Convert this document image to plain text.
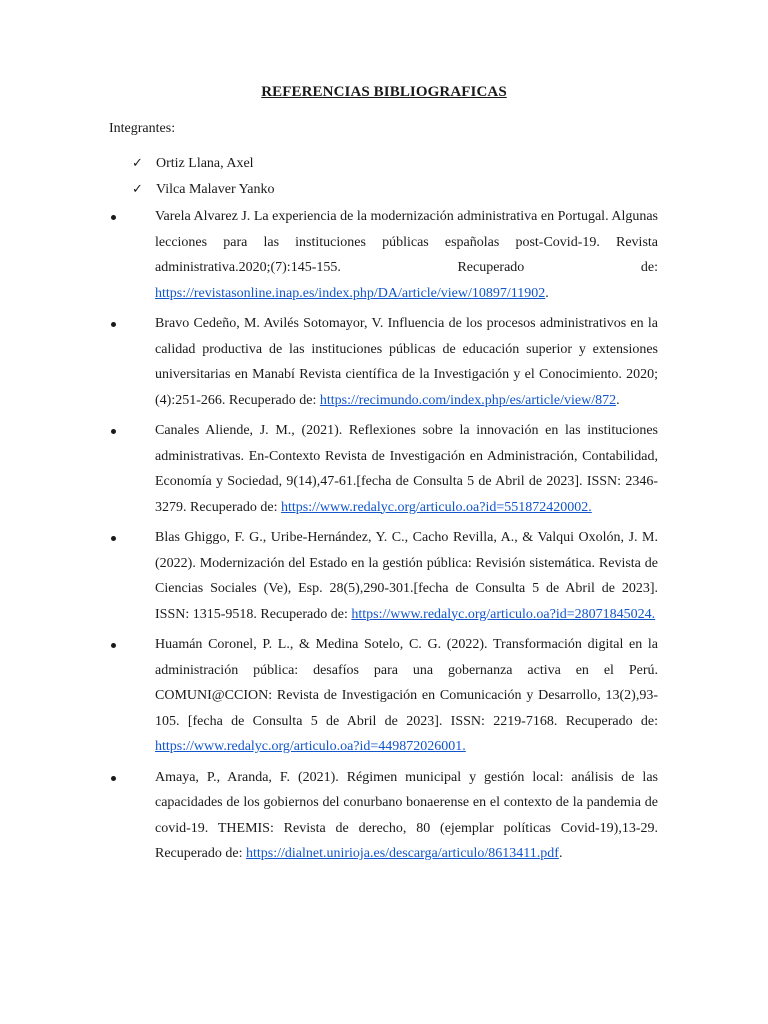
REFERENCIAS BIBLIOGRAFICAS
Integrantes:
✓ Ortiz Llana, Axel
✓ Vilca Malaver Yanko
Varela Alvarez J. La experiencia de la modernización administrativa en Portugal. Algunas lecciones para las instituciones públicas españolas post-Covid-19. Revista administrativa.2020;(7):145-155. Recuperado de: https://revistasonline.inap.es/index.php/DA/article/view/10897/11902.
Bravo Cedeño, M. Avilés Sotomayor, V. Influencia de los procesos administrativos en la calidad productiva de las instituciones públicas de educación superior y extensiones universitarias en Manabí Revista científica de la Investigación y el Conocimiento. 2020;(4):251-266. Recuperado de: https://recimundo.com/index.php/es/article/view/872.
Canales Aliende, J. M., (2021). Reflexiones sobre la innovación en las instituciones administrativas. En-Contexto Revista de Investigación en Administración, Contabilidad, Economía y Sociedad, 9(14),47-61.[fecha de Consulta 5 de Abril de 2023]. ISSN: 2346-3279. Recuperado de: https://www.redalyc.org/articulo.oa?id=551872420002.
Blas Ghiggo, F. G., Uribe-Hernández, Y. C., Cacho Revilla, A., & Valqui Oxolón, J. M. (2022). Modernización del Estado en la gestión pública: Revisión sistemática. Revista de Ciencias Sociales (Ve), Esp. 28(5),290-301.[fecha de Consulta 5 de Abril de 2023]. ISSN: 1315-9518. Recuperado de: https://www.redalyc.org/articulo.oa?id=28071845024.
Huamán Coronel, P. L., & Medina Sotelo, C. G. (2022). Transformación digital en la administración pública: desafíos para una gobernanza activa en el Perú. COMUNI@CCION: Revista de Investigación en Comunicación y Desarrollo, 13(2),93-105. [fecha de Consulta 5 de Abril de 2023]. ISSN: 2219-7168. Recuperado de: https://www.redalyc.org/articulo.oa?id=449872026001.
Amaya, P., Aranda, F. (2021). Régimen municipal y gestión local: análisis de las capacidades de los gobiernos del conurbano bonaerense en el contexto de la pandemia de covid-19. THEMIS: Revista de derecho, 80 (ejemplar políticas Covid-19),13-29. Recuperado de: https://dialnet.unirioja.es/descarga/articulo/8613411.pdf.
